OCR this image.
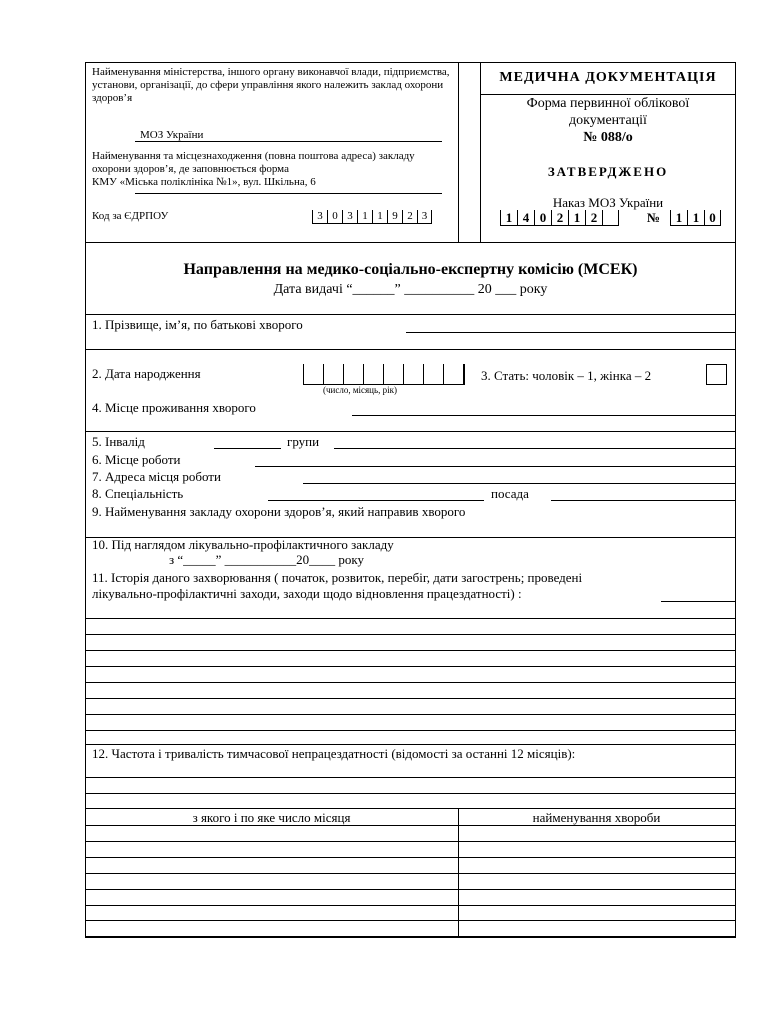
Найменування міністерства, іншого органу виконавчої влади, підприємства, установи, організації, до сфери управління якого належить заклад охорони здоров’я
МОЗ України
Найменування та місцезнаходження (повна поштова адреса) закладу охорони здоров’я, де заповнюється форма
КМУ «Міська поліклініка №1», вул. Шкільна, 6
Код за ЄДРПОУ	3 0 3 1 1 9 2 3
МЕДИЧНА ДОКУМЕНТАЦІЯ
Форма первинної облікової
документації
№ 088/о
ЗАТВЕРДЖЕНО
Наказ МОЗ України
1 4 0 2 1 2	№	1 1 0
Направлення на медико-соціально-експертну комісію (МСЕК)
Дата видачі “______” __________ 20 ___ року
1. Прізвище, ім’я, по батькові хворого
2. Дата народження
(число, місяць, рік)
3. Стать: чоловік – 1, жінка – 2
4. Місце проживання хворого
5. Інвалід	групи
6. Місце роботи
7. Адреса місця роботи
8. Спеціальність	посада
9. Найменування закладу охорони здоров’я, який направив хворого
10. Під наглядом лікувально-профілактичного закладу
з “_____” ___________20____ року
11. Історія даного захворювання ( початок, розвиток, перебіг, дати загострень; проведені
лікувально-профілактичні заходи, заходи щодо відновлення працездатності) :
12. Частота і тривалість тимчасової непрацездатності (відомості за останні 12 місяців):
з якого і по яке число місяця	найменування хвороби
